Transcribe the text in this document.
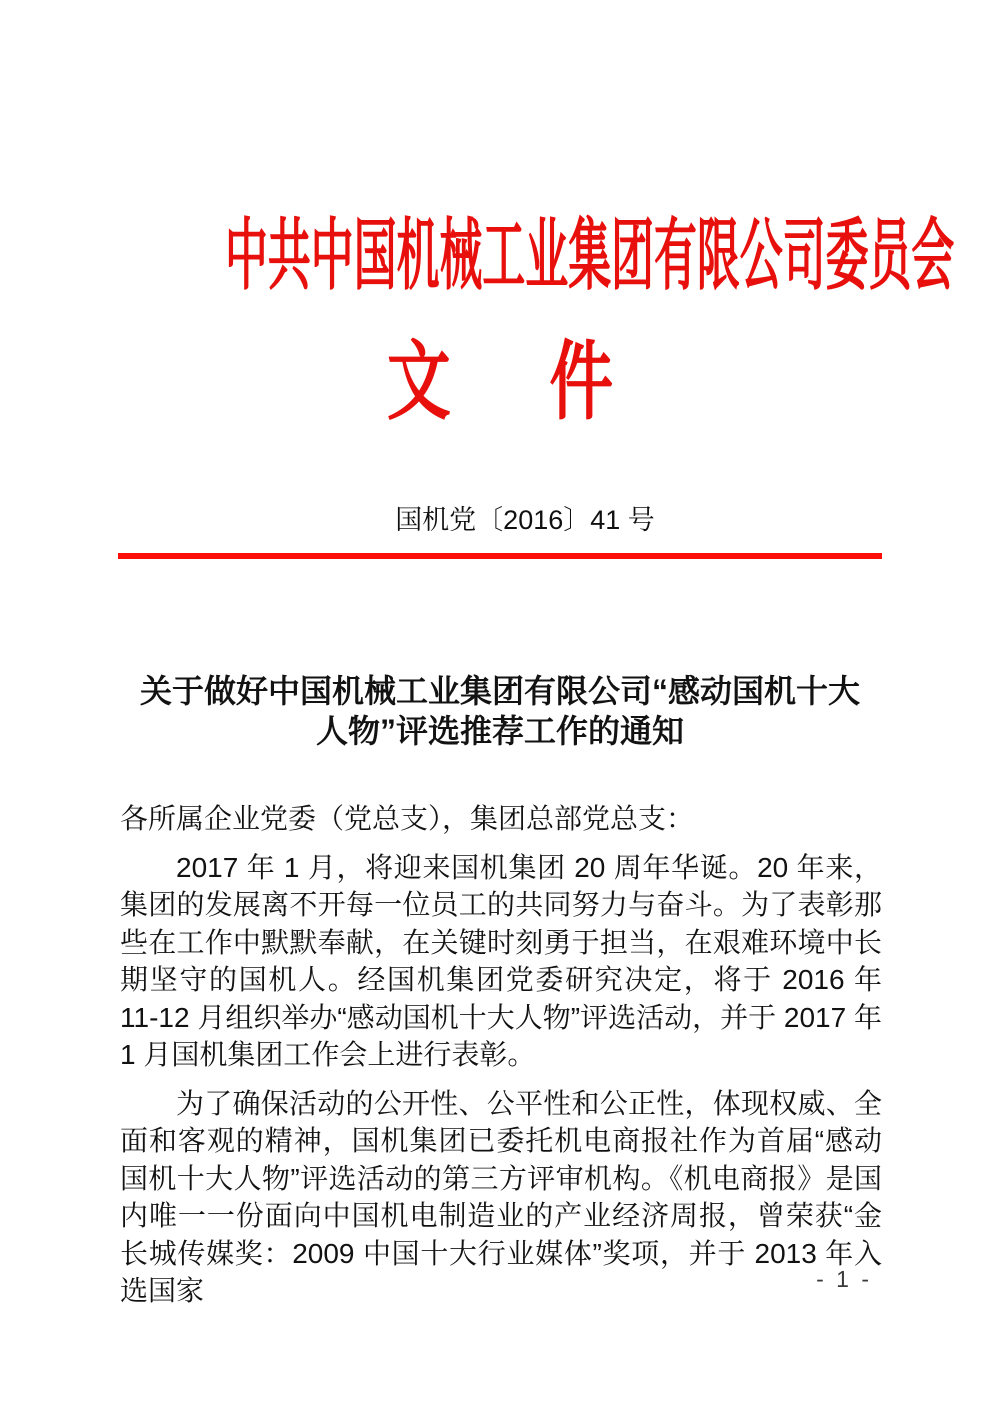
中共中国机械工业集团有限公司委员会
文件
国机党〔2016〕41 号
关于做好中国机械工业集团有限公司“感动国机十大
人物”评选推荐工作的通知
各所属企业党委（党总支），集团总部党总支：

2017 年 1 月，将迎来国机集团 20 周年华诞。20 年来，集团的发展离不开每一位员工的共同努力与奋斗。为了表彰那些在工作中默默奉献，在关键时刻勇于担当，在艰难环境中长期坚守的国机人。经国机集团党委研究决定，将于 2016 年 11-12 月组织举办“感动国机十大人物”评选活动，并于 2017 年 1 月国机集团工作会上进行表彰。

为了确保活动的公开性、公平性和公正性，体现权威、全面和客观的精神，国机集团已委托机电商报社作为首届“感动国机十大人物”评选活动的第三方评审机构。《机电商报》是国内唯一一份面向中国机电制造业的产业经济周报，曾荣获“金长城传媒奖：2009 中国十大行业媒体”奖项，并于 2013 年入选国家	- 1 -
